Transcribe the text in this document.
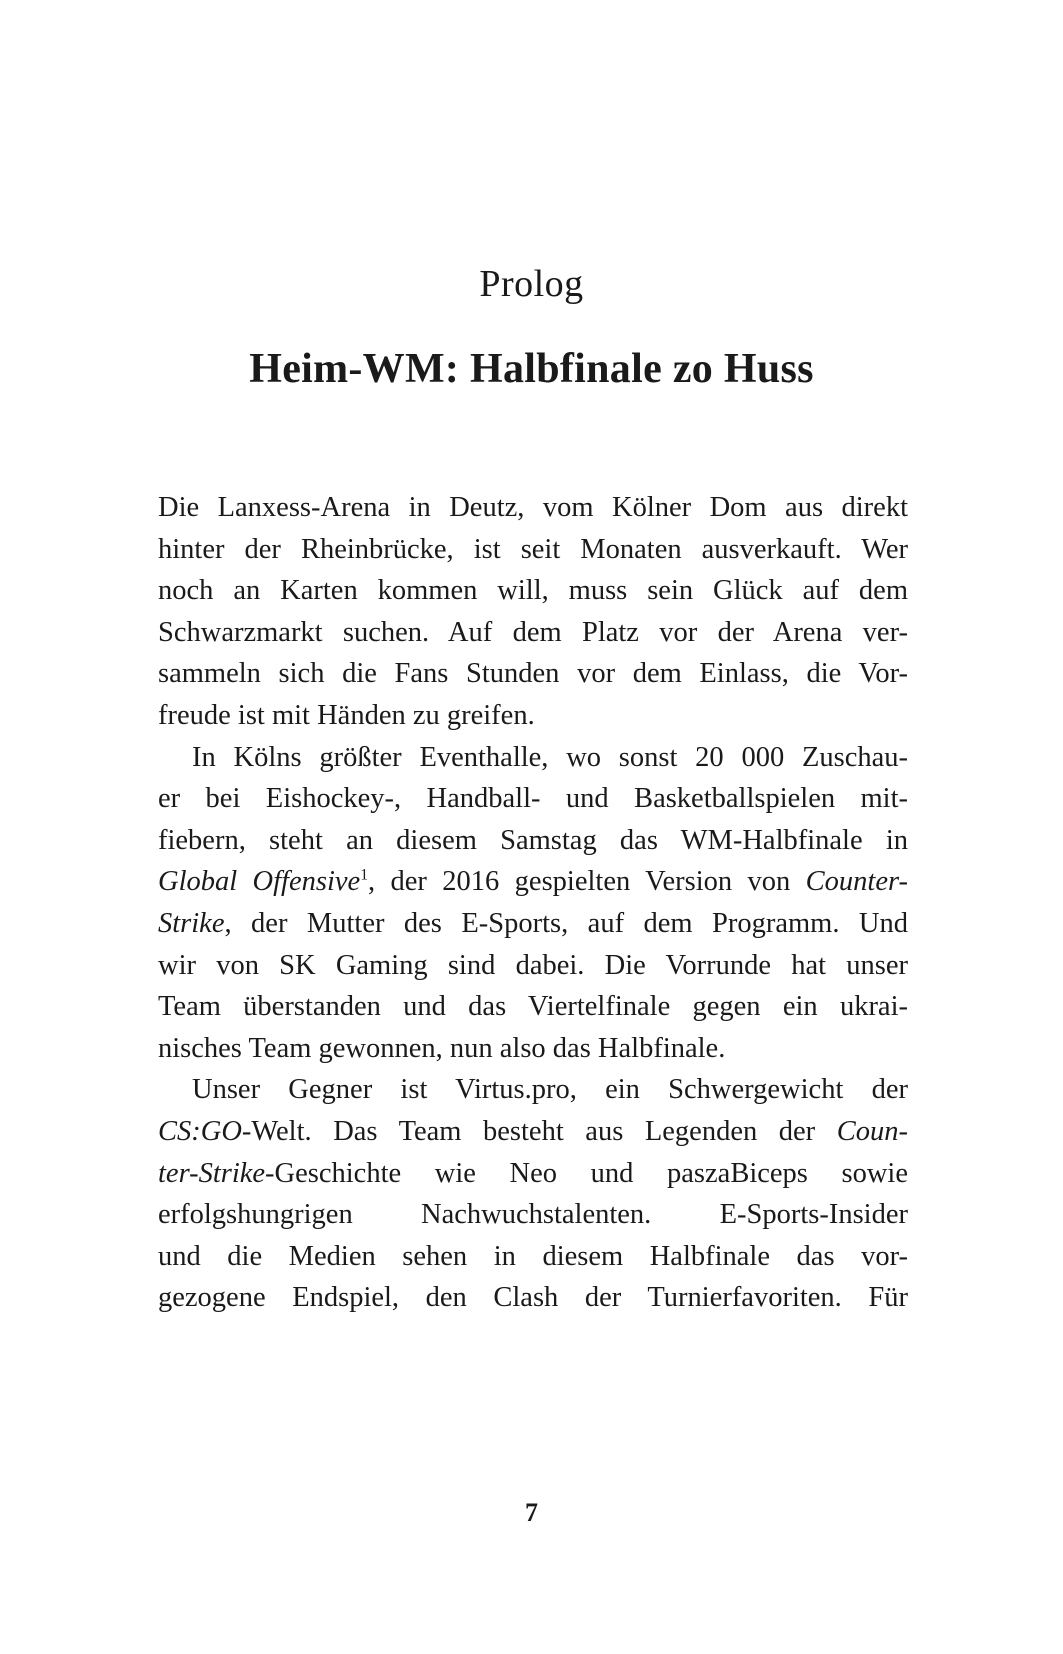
Prolog
Heim-WM: Halbfinale zo Huss
Die Lanxess-Arena in Deutz, vom Kölner Dom aus direkt
hinter der Rheinbrücke, ist seit Monaten ausverkauft. Wer
noch an Karten kommen will, muss sein Glück auf dem
Schwarzmarkt suchen. Auf dem Platz vor der Arena ver-
sammeln sich die Fans Stunden vor dem Einlass, die Vor-
freude ist mit Händen zu greifen.
In Kölns größter Eventhalle, wo sonst 20 000 Zuschau-
er bei Eishockey-, Handball- und Basketballspielen mit-
fiebern, steht an diesem Samstag das WM-Halbfinale in
Global Offensive$^1$, der 2016 gespielten Version von Counter-
Strike, der Mutter des E-Sports, auf dem Programm. Und
wir von SK Gaming sind dabei. Die Vorrunde hat unser
Team überstanden und das Viertelfinale gegen ein ukrai-
nisches Team gewonnen, nun also das Halbfinale.
Unser Gegner ist Virtus.pro, ein Schwergewicht der
CS:GO-Welt. Das Team besteht aus Legenden der Coun-
ter-Strike-Geschichte wie Neo und paszaBiceps sowie
erfolgshungrigen Nachwuchstalenten. E-Sports-Insider
und die Medien sehen in diesem Halbfinale das vor-
gezogene Endspiel, den Clash der Turnierfavoriten. Für
7
